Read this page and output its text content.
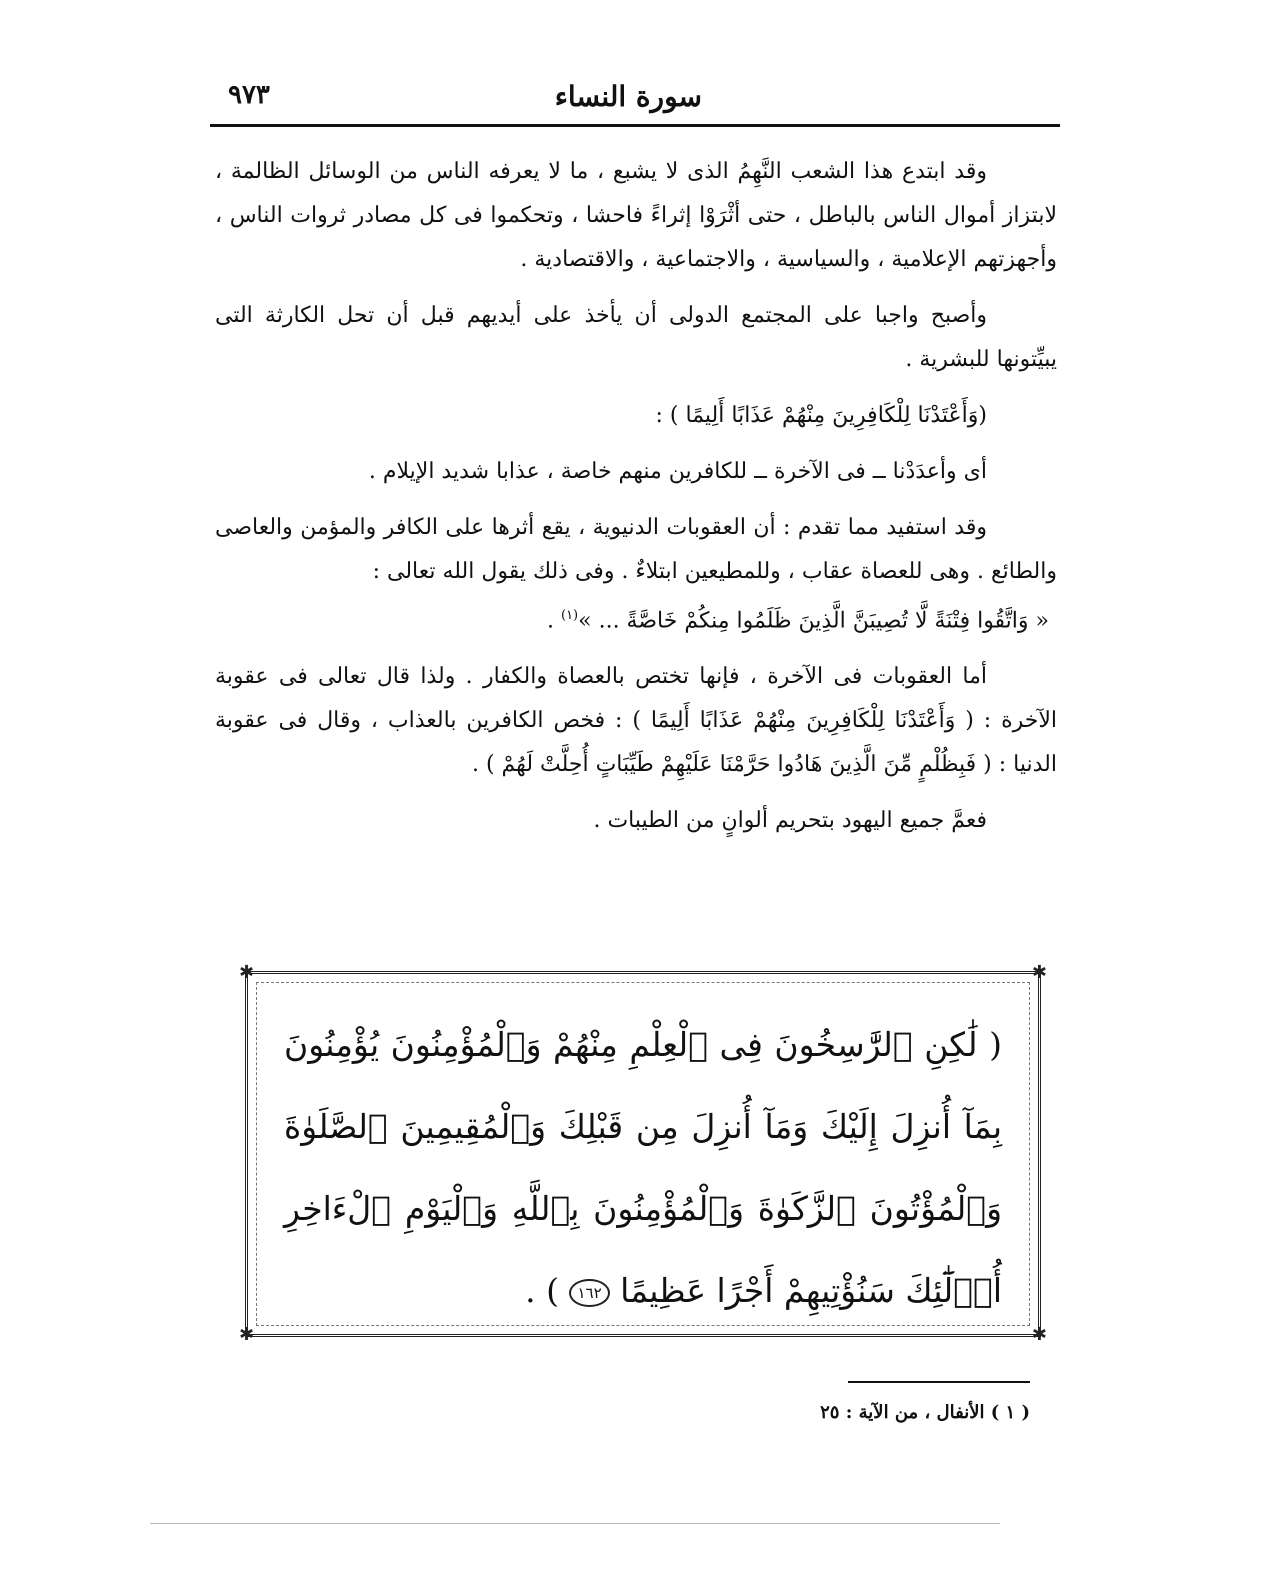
سورة النساء
٩٧٣

وقد ابتدع هذا الشعب النَّهِمُ الذى لا يشبع ، ما لا يعرفه الناس من الوسائل الظالمة ، لابتزاز أموال الناس بالباطل ، حتى أثْرَوْا إثراءً فاحشا ، وتحكموا فى كل مصادر ثروات الناس ، وأجهزتهم الإعلامية ، والسياسية ، والاجتماعية ، والاقتصادية .

وأصبح واجبا على المجتمع الدولى أن يأخذ على أيديهم قبل أن تحل الكارثة التى يبيِّتونها للبشرية .

(وَأَعْتَدْنَا لِلْكَافِرِينَ مِنْهُمْ عَذَابًا أَلِيمًا ) :

أى وأعدَدْنا ــ فى الآخرة ــ للكافرين منهم خاصة ، عذابا شديد الإيلام .

وقد استفيد مما تقدم : أن العقوبات الدنيوية ، يقع أثرها على الكافر والمؤمن والعاصى والطائع . وهى للعصاة عقاب ، وللمطيعين ابتلاءٌ . وفى ذلك يقول الله تعالى :

« وَاتَّقُوا فِتْنَةً لَّا تُصِيبَنَّ الَّذِينَ ظَلَمُوا مِنكُمْ خَاصَّةً ... »$^{(١)}$ .

أما العقوبات فى الآخرة ، فإنها تختص بالعصاة والكفار . ولذا قال تعالى فى عقوبة الآخرة : ( وَأَعْتَدْنَا لِلْكَافِرِينَ مِنْهُمْ عَذَابًا أَلِيمًا ) : فخص الكافرين بالعذاب ، وقال فى عقوبة الدنيا : ( فَبِظُلْمٍ مِّنَ الَّذِينَ هَادُوا حَرَّمْنَا عَلَيْهِمْ طَيِّبَاتٍ أُحِلَّتْ لَهُمْ ) .

فعمَّ جميع اليهود بتحريم ألوانٍ من الطيبات .

✱	✱
✱	✱
( لَٰكِنِ ٱلرَّٰسِخُونَ فِى ٱلْعِلْمِ مِنْهُمْ وَٱلْمُؤْمِنُونَ يُؤْمِنُونَ بِمَآ أُنزِلَ إِلَيْكَ وَمَآ أُنزِلَ مِن قَبْلِكَ وَٱلْمُقِيمِينَ ٱلصَّلَوٰةَ وَٱلْمُؤْتُونَ ٱلزَّكَوٰةَ وَٱلْمُؤْمِنُونَ بِٱللَّهِ وَٱلْيَوْمِ ٱلْءَاخِرِ أُو۟لَٰٓئِكَ سَنُؤْتِيهِمْ أَجْرًا عَظِيمًا ١٦٢ ) .
( ١ ) الأنفال ، من الآية : ٢٥
